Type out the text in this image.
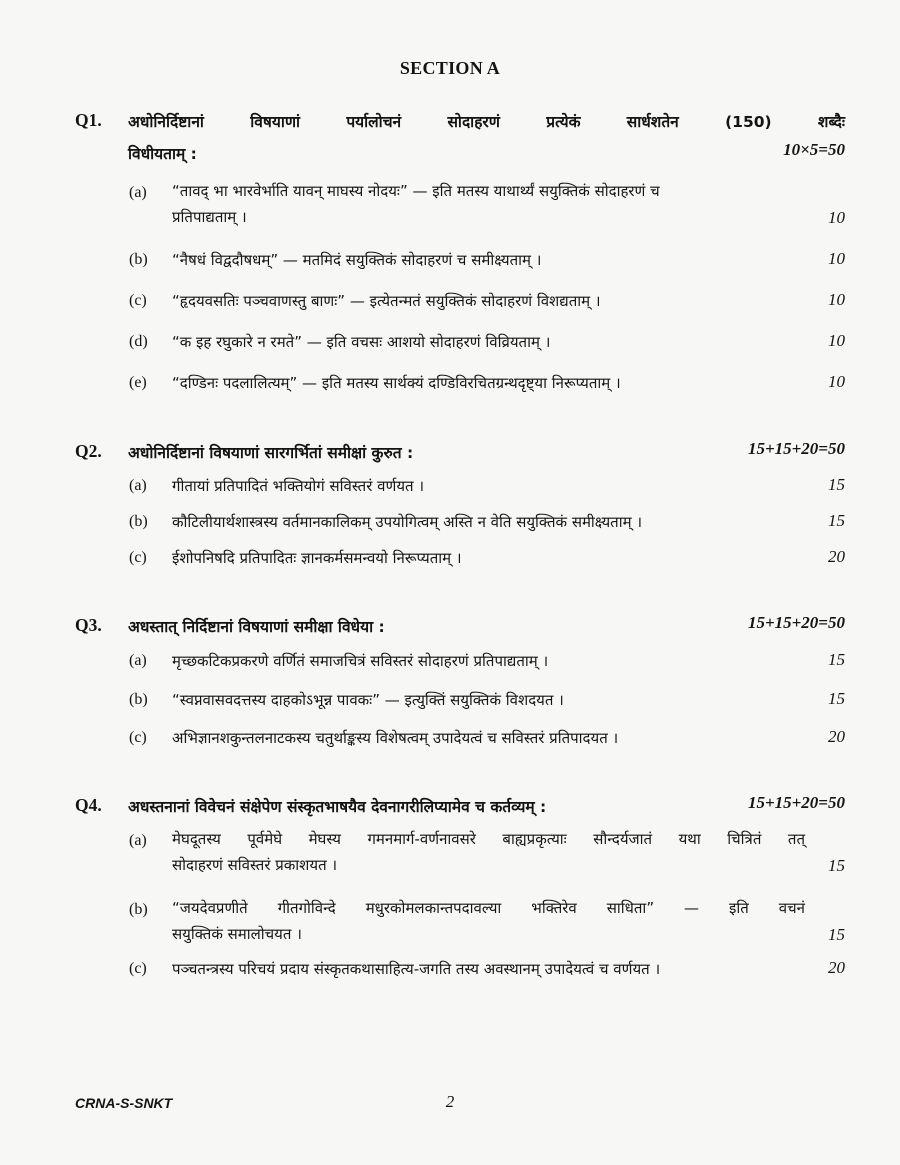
SECTION A
Q1. अधोनिर्दिष्टानां विषयाणां पर्यालोचनं सोदाहरणं प्रत्येकं सार्धशतेन (150) शब्दैः
विधीयताम् :	10×5=50
(a) “तावद् भा भारवेर्भाति यावन् माघस्य नोदयः” — इति मतस्य याथार्थ्यं सयुक्तिकं सोदाहरणं च
प्रतिपाद्यताम् ।	10
(b) “नैषधं विद्वदौषधम्” — मतमिदं सयुक्तिकं सोदाहरणं च समीक्ष्यताम् ।	10
(c) “हृदयवसतिः पञ्चवाणस्तु बाणः” — इत्येतन्मतं सयुक्तिकं सोदाहरणं विशद्यताम् ।	10
(d) “क इह रघुकारे न रमते” — इति वचसः आशयो सोदाहरणं विव्रियताम् ।	10
(e) “दण्डिनः पदलालित्यम्” — इति मतस्य सार्थक्यं दण्डिविरचितग्रन्थदृष्ट्या निरूप्यताम् ।	10
Q2. अधोनिर्दिष्टानां विषयाणां सारगर्भितां समीक्षां कुरुत :	15+15+20=50
(a) गीतायां प्रतिपादितं भक्तियोगं सविस्तरं वर्णयत ।	15
(b) कौटिलीयार्थशास्त्रस्य वर्तमानकालिकम् उपयोगित्वम् अस्ति न वेति सयुक्तिकं समीक्ष्यताम् ।	15
(c) ईशोपनिषदि प्रतिपादितः ज्ञानकर्मसमन्वयो निरूप्यताम् ।	20
Q3. अधस्तात् निर्दिष्टानां विषयाणां समीक्षा विधेया :	15+15+20=50
(a) मृच्छकटिकप्रकरणे वर्णितं समाजचित्रं सविस्तरं सोदाहरणं प्रतिपाद्यताम् ।	15
(b) “स्वप्नवासवदत्तस्य दाहकोऽभून्न पावकः” — इत्युक्तिं सयुक्तिकं विशदयत ।	15
(c) अभिज्ञानशकुन्तलनाटकस्य चतुर्थाङ्कस्य विशेषत्वम् उपादेयत्वं च सविस्तरं प्रतिपादयत ।	20
Q4. अधस्तनानां विवेचनं संक्षेपेण संस्कृतभाषयैव देवनागरीलिप्यामेव च कर्तव्यम् :	15+15+20=50
(a) मेघदूतस्य पूर्वमेघे मेघस्य गमनमार्ग-वर्णनावसरे बाह्यप्रकृत्याः सौन्दर्यजातं यथा चित्रितं तत्
सोदाहरणं सविस्तरं प्रकाशयत ।	15
(b) “जयदेवप्रणीते गीतगोविन्दे मधुरकोमलकान्तपदावल्या भक्तिरेव साधिता” — इति वचनं
सयुक्तिकं समालोचयत ।	15
(c) पञ्चतन्त्रस्य परिचयं प्रदाय संस्कृतकथासाहित्य-जगति तस्य अवस्थानम् उपादेयत्वं च वर्णयत ।	20
CRNA-S-SNKT	2
